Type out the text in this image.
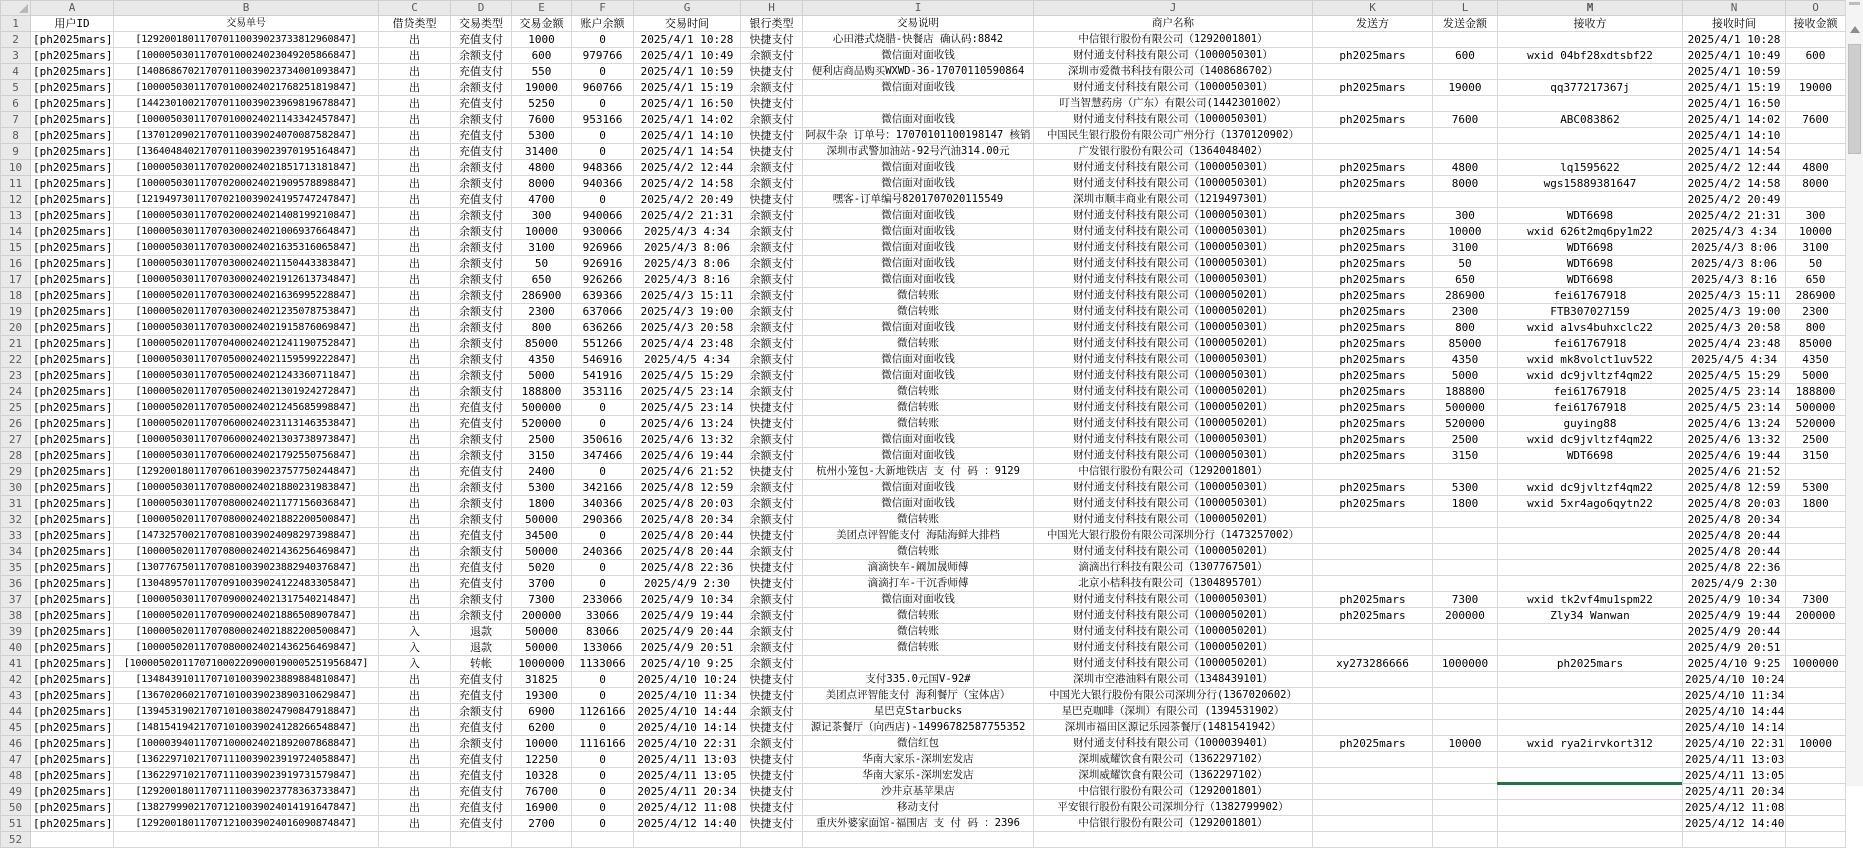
	A	B	C	D	E	F	G	H	I	J	K	L	M	N	O
1	用户ID	交易单号	借贷类型	交易类型	交易金额	账户余额	交易时间	银行类型	交易说明	商户名称	发送方	发送金额	接收方	接收时间	接收金额
2	[ph2025mars]	[129200180117070110039023733812960847]	出	充值支付	1000	0	2025/4/1 10:28	快捷支付	心田港式烧腊-快餐店 确认码:8842	中信银行股份有限公司（1292001801）				2025/4/1 10:28	
3	[ph2025mars]	[100005030117070100024023049205866847]	出	余额支付	600	979766	2025/4/1 10:49	余额支付	微信面对面收钱	财付通支付科技有限公司（1000050301）	ph2025mars	600	wxid 04bf28xdtsbf22	2025/4/1 10:49	600
4	[ph2025mars]	[140868670217070110039023734001093847]	出	充值支付	550	0	2025/4/1 10:59	快捷支付	便利店商品购买WXWD-36-17070110590864	深圳市爱微书科技有限公司（1408686702）				2025/4/1 10:59	
5	[ph2025mars]	[100005030117070100024021768251819847]	出	余额支付	19000	960766	2025/4/1 15:19	余额支付	微信面对面收钱	财付通支付科技有限公司（1000050301）	ph2025mars	19000	qq377217367j	2025/4/1 15:19	19000
6	[ph2025mars]	[144230100217070110039023969819678847]	出	充值支付	5250	0	2025/4/1 16:50	快捷支付		叮当智慧药房（广东）有限公司(1442301002）				2025/4/1 16:50	
7	[ph2025mars]	[100005030117070100024021143342457847]	出	余额支付	7600	953166	2025/4/1 14:02	余额支付	微信面对面收钱	财付通支付科技有限公司（1000050301）	ph2025mars	7600	ABC083862	2025/4/1 14:02	7600
8	[ph2025mars]	[137012090217070110039024070087582847]	出	充值支付	5300	0	2025/4/1 14:10	快捷支付	阿叔牛杂 订单号：17070101100198147 核销	中国民生银行股份有限公司广州分行（1370120902）				2025/4/1 14:10	
9	[ph2025mars]	[136404840217070110039023970195164847]	出	充值支付	31400	0	2025/4/1 14:54	快捷支付	深圳市武警加油站-92号汽油314.00元	广发银行股份有限公司（1364048402）				2025/4/1 14:54	
10	[ph2025mars]	[100005030117070200024021851713181847]	出	余额支付	4800	948366	2025/4/2 12:44	余额支付	微信面对面收钱	财付通支付科技有限公司（1000050301）	ph2025mars	4800	lq1595622	2025/4/2 12:44	4800
11	[ph2025mars]	[100005030117070200024021909578898847]	出	余额支付	8000	940366	2025/4/2 14:58	余额支付	微信面对面收钱	财付通支付科技有限公司（1000050301）	ph2025mars	8000	wgs15889381647	2025/4/2 14:58	8000
12	[ph2025mars]	[121949730117070210039024195747247847]	出	充值支付	4700	0	2025/4/2 20:49	快捷支付	嘿客-订单编号8201707020115549	深圳市顺丰商业有限公司（1219497301）				2025/4/2 20:49	
13	[ph2025mars]	[100005030117070200024021408199210847]	出	余额支付	300	940066	2025/4/2 21:31	余额支付	微信面对面收钱	财付通支付科技有限公司（1000050301）	ph2025mars	300	WDT6698	2025/4/2 21:31	300
14	[ph2025mars]	[100005030117070300024021006937664847]	出	余额支付	10000	930066	2025/4/3 4:34	余额支付	微信面对面收钱	财付通支付科技有限公司（1000050301）	ph2025mars	10000	wxid 626t2mq6py1m22	2025/4/3 4:34	10000
15	[ph2025mars]	[100005030117070300024021635316065847]	出	余额支付	3100	926966	2025/4/3 8:06	余额支付	微信面对面收钱	财付通支付科技有限公司（1000050301）	ph2025mars	3100	WDT6698	2025/4/3 8:06	3100
16	[ph2025mars]	[100005030117070300024021150443383847]	出	余额支付	50	926916	2025/4/3 8:06	余额支付	微信面对面收钱	财付通支付科技有限公司（1000050301）	ph2025mars	50	WDT6698	2025/4/3 8:06	50
17	[ph2025mars]	[100005030117070300024021912613734847]	出	余额支付	650	926266	2025/4/3 8:16	余额支付	微信面对面收钱	财付通支付科技有限公司（1000050301）	ph2025mars	650	WDT6698	2025/4/3 8:16	650
18	[ph2025mars]	[100005020117070300024021636995228847]	出	余额支付	286900	639366	2025/4/3 15:11	余额支付	微信转账	财付通支付科技有限公司（1000050201）	ph2025mars	286900	fei61767918	2025/4/3 15:11	286900
19	[ph2025mars]	[100005020117070300024021235078753847]	出	余额支付	2300	637066	2025/4/3 19:00	余额支付	微信转账	财付通支付科技有限公司（1000050201）	ph2025mars	2300	FTB307027159	2025/4/3 19:00	2300
20	[ph2025mars]	[100005030117070300024021915876069847]	出	余额支付	800	636266	2025/4/3 20:58	余额支付	微信面对面收钱	财付通支付科技有限公司（1000050301）	ph2025mars	800	wxid a1vs4buhxclc22	2025/4/3 20:58	800
21	[ph2025mars]	[100005020117070400024021241190752847]	出	余额支付	85000	551266	2025/4/4 23:48	余额支付	微信转账	财付通支付科技有限公司（1000050201）	ph2025mars	85000	fei61767918	2025/4/4 23:48	85000
22	[ph2025mars]	[100005030117070500024021159599222847]	出	余额支付	4350	546916	2025/4/5 4:34	余额支付	微信面对面收钱	财付通支付科技有限公司（1000050301）	ph2025mars	4350	wxid mk8volct1uv522	2025/4/5 4:34	4350
23	[ph2025mars]	[100005030117070500024021243360711847]	出	余额支付	5000	541916	2025/4/5 15:29	余额支付	微信面对面收钱	财付通支付科技有限公司（1000050301）	ph2025mars	5000	wxid dc9jvltzf4qm22	2025/4/5 15:29	5000
24	[ph2025mars]	[100005020117070500024021301924272847]	出	余额支付	188800	353116	2025/4/5 23:14	余额支付	微信转账	财付通支付科技有限公司（1000050201）	ph2025mars	188800	fei61767918	2025/4/5 23:14	188800
25	[ph2025mars]	[100005020117070500024021245685998847]	出	充值支付	500000	0	2025/4/5 23:14	快捷支付	微信转账	财付通支付科技有限公司（1000050201）	ph2025mars	500000	fei61767918	2025/4/5 23:14	500000
26	[ph2025mars]	[100005020117070600024023113146353847]	出	充值支付	520000	0	2025/4/6 13:24	快捷支付	微信转账	财付通支付科技有限公司（1000050201）	ph2025mars	520000	guying88	2025/4/6 13:24	520000
27	[ph2025mars]	[100005030117070600024021303738973847]	出	余额支付	2500	350616	2025/4/6 13:32	余额支付	微信面对面收钱	财付通支付科技有限公司（1000050301）	ph2025mars	2500	wxid dc9jvltzf4qm22	2025/4/6 13:32	2500
28	[ph2025mars]	[100005030117070600024021792550756847]	出	余额支付	3150	347466	2025/4/6 19:44	余额支付	微信面对面收钱	财付通支付科技有限公司（1000050301）	ph2025mars	3150	WDT6698	2025/4/6 19:44	3150
29	[ph2025mars]	[129200180117070610039023757750244847]	出	充值支付	2400	0	2025/4/6 21:52	快捷支付	杭州小笼包-大新地铁店 支 付 码 ：9129	中信银行股份有限公司（1292001801）				2025/4/6 21:52	
30	[ph2025mars]	[100005030117070800024021880231983847]	出	余额支付	5300	342166	2025/4/8 12:59	余额支付	微信面对面收钱	财付通支付科技有限公司（1000050301）	ph2025mars	5300	wxid dc9jvltzf4qm22	2025/4/8 12:59	5300
31	[ph2025mars]	[100005030117070800024021177156036847]	出	余额支付	1800	340366	2025/4/8 20:03	余额支付	微信面对面收钱	财付通支付科技有限公司（1000050301）	ph2025mars	1800	wxid 5xr4ago6qytn22	2025/4/8 20:03	1800
32	[ph2025mars]	[100005020117070800024021882200500847]	出	余额支付	50000	290366	2025/4/8 20:34	余额支付	微信转账	财付通支付科技有限公司（1000050201）				2025/4/8 20:34	
33	[ph2025mars]	[147325700217070810039024098297398847]	出	充值支付	34500	0	2025/4/8 20:44	快捷支付	美团点评智能支付 海陆海鲜大排档	中国光大银行股份有限公司深圳分行（1473257002）				2025/4/8 20:44	
34	[ph2025mars]	[100005020117070800024021436256469847]	出	余额支付	50000	240366	2025/4/8 20:44	余额支付	微信转账	财付通支付科技有限公司（1000050201）				2025/4/8 20:44	
35	[ph2025mars]	[130776750117070810039023882940376847]	出	充值支付	5020	0	2025/4/8 22:36	快捷支付	滴滴快车-阚加晟师傅	滴滴出行科技有限公司（1307767501）				2025/4/8 22:36	
36	[ph2025mars]	[130489570117070910039024122483305847]	出	充值支付	3700	0	2025/4/9 2:30	快捷支付	滴滴打车-干沉香师傅	北京小桔科技有限公司（1304895701）				2025/4/9 2:30	
37	[ph2025mars]	[100005030117070900024021317540214847]	出	余额支付	7300	233066	2025/4/9 10:34	余额支付	微信面对面收钱	财付通支付科技有限公司（1000050301）	ph2025mars	7300	wxid tk2vf4mu1spm22	2025/4/9 10:34	7300
38	[ph2025mars]	[100005020117070900024021886508907847]	出	余额支付	200000	33066	2025/4/9 19:44	余额支付	微信转账	财付通支付科技有限公司（1000050201）	ph2025mars	200000	Zly34 Wanwan	2025/4/9 19:44	200000
39	[ph2025mars]	[100005020117070800024021882200500847]	入	退款	50000	83066	2025/4/9 20:44	余额支付	微信转账	财付通支付科技有限公司（1000050201）				2025/4/9 20:44	
40	[ph2025mars]	[100005020117070800024021436256469847]	入	退款	50000	133066	2025/4/9 20:51	余额支付	微信转账	财付通支付科技有限公司（1000050201）				2025/4/9 20:51	
41	[ph2025mars]	[1000050201170710002209000190005251956847]	入	转帐	1000000	1133066	2025/4/10 9:25	余额支付		财付通支付科技有限公司（1000050201）	xy273286666	1000000	ph2025mars	2025/4/10 9:25	1000000
42	[ph2025mars]	[134843910117071010039023889884810847]	出	充值支付	31825	0	2025/4/10 10:24	快捷支付	支付335.0元国V-92#	深圳市空港油料有限公司（1348439101）				2025/4/10 10:24	
43	[ph2025mars]	[136702060217071010039023890310629847]	出	充值支付	19300	0	2025/4/10 11:34	快捷支付	美团点评智能支付 海利餐厅（宝体店）	中国光大银行股份有限公司深圳分行(1367020602）				2025/4/10 11:34	
44	[ph2025mars]	[139453190217071010038024790847918847]	出	余额支付	6900	1126166	2025/4/10 14:44	余额支付	星巴克Starbucks	星巴克咖啡（深圳）有限公司 (1394531902）				2025/4/10 14:44	
45	[ph2025mars]	[148154194217071010039024128266548847]	出	充值支付	6200	0	2025/4/10 14:14	快捷支付	源记茶餐厅（向西店)-14996782587755352	深圳市福田区源记乐园茶餐厅(1481541942）				2025/4/10 14:14	
46	[ph2025mars]	[100003940117071000024021892007868847]	出	余额支付	10000	1116166	2025/4/10 22:31	余额支付	微信红包	财付通支付科技有限公司（1000039401）	ph2025mars	10000	wxid rya2irvkort312	2025/4/10 22:31	10000
47	[ph2025mars]	[136229710217071110039023919724058847]	出	充值支付	12250	0	2025/4/11 13:03	快捷支付	华南大家乐-深圳宏发店	深圳威耀饮食有限公司（1362297102）				2025/4/11 13:03	
48	[ph2025mars]	[136229710217071110039023919731579847]	出	充值支付	10328	0	2025/4/11 13:05	快捷支付	华南大家乐-深圳宏发店	深圳威耀饮食有限公司（1362297102）				2025/4/11 13:05	
49	[ph2025mars]	[129200180117071110039023778363733847]	出	充值支付	76700	0	2025/4/11 20:34	快捷支付	沙井京基苹果店	中信银行股份有限公司（1292001801）				2025/4/11 20:34	
50	[ph2025mars]	[138279990217071210039024014191647847]	出	充值支付	16900	0	2025/4/12 11:08	快捷支付	移动支付	平安银行股份有限公司深圳分行（1382799902）				2025/4/12 11:08	
51	[ph2025mars]	[129200180117071210039024016090874847]	出	充值支付	2700	0	2025/4/12 14:40	快捷支付	重庆外婆家面馆-福围店 支 付 码 ：2396	中信银行股份有限公司（1292001801）				2025/4/12 14:40	
52															
